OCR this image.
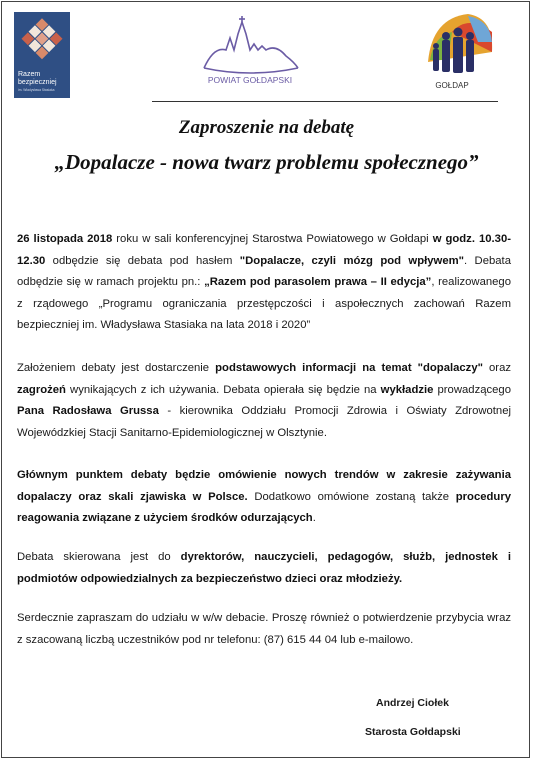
Razem
bezpieczniej
im. Władysława Stasiaka
POWIAT GOŁDAPSKI
GOŁDAP
Zaproszenie na debatę
„Dopalacze - nowa twarz problemu społecznego”
26 listopada 2018 roku w sali konferencyjnej Starostwa Powiatowego w Gołdapi w godz. 10.30-12.30 odbędzie się debata pod hasłem "Dopalacze, czyli mózg pod wpływem". Debata odbędzie się w ramach projektu pn.: „Razem pod parasolem prawa – II edycja”, realizowanego z rządowego „Programu ograniczania przestępczości i aspołecznych zachowań Razem bezpieczniej im. Władysława Stasiaka na lata 2018 i 2020”
Założeniem debaty jest dostarczenie podstawowych informacji na temat "dopalaczy" oraz zagrożeń wynikających z ich używania. Debata opierała się będzie na wykładzie prowadzącego Pana Radosława Grussa - kierownika Oddziału Promocji Zdrowia i Oświaty Zdrowotnej Wojewódzkiej Stacji Sanitarno-Epidemiologicznej w Olsztynie.
Głównym punktem debaty będzie omówienie nowych trendów w zakresie zażywania dopalaczy oraz skali zjawiska w Polsce. Dodatkowo omówione zostaną także procedury reagowania związane z użyciem środków odurzających.
Debata skierowana jest do dyrektorów, nauczycieli, pedagogów, służb, jednostek i podmiotów odpowiedzialnych za bezpieczeństwo dzieci oraz młodzieży.
Serdecznie zapraszam do udziału w w/w debacie. Proszę również o potwierdzenie przybycia wraz z szacowaną liczbą uczestników pod nr telefonu: (87) 615 44 04 lub e-mailowo.
Andrzej Ciołek
Starosta Gołdapski
